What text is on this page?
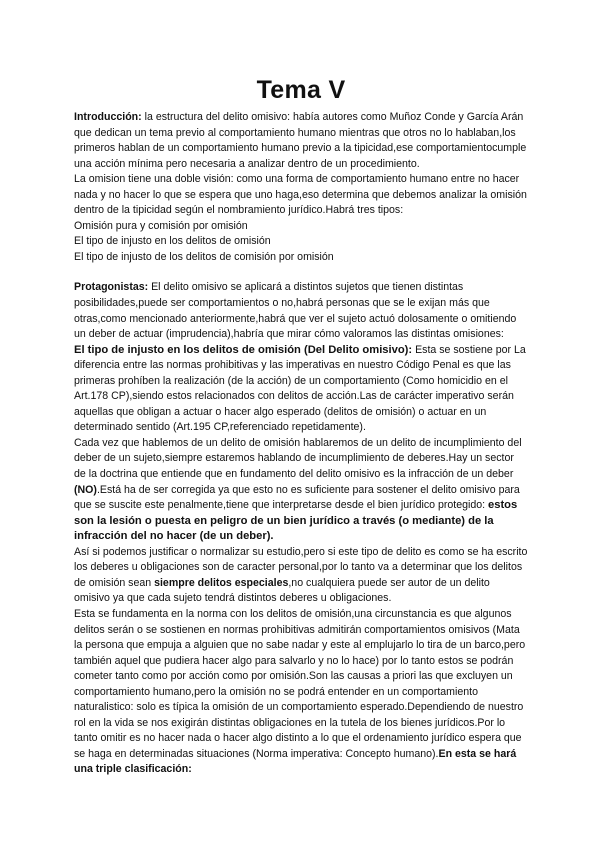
Tema V

Introducción: la estructura del delito omisivo: había autores como Muñoz Conde y García Arán que dedican un tema previo al comportamiento humano mientras que otros no lo hablaban,los primeros hablan de un comportamiento humano previo a la tipicidad,ese comportamientocumple una acción mínima pero necesaria a analizar dentro de un procedimiento.

La omision tiene una doble visión: como una forma de comportamiento humano entre no hacer nada y no hacer lo que se espera que uno haga,eso determina que debemos analizar la omisión dentro de la tipicidad según el nombramiento jurídico.Habrá tres tipos:

Omisión pura y comisión por omisión

El tipo de injusto en los delitos de omisión

El tipo de injusto de los delitos de comisión por omisión

Protagonistas: El delito omisivo se aplicará a distintos sujetos que tienen distintas posibilidades,puede ser comportamientos o no,habrá personas que se le exijan más que otras,como mencionado anteriormente,habrá que ver el sujeto actuó dolosamente o omitiendo un deber de actuar (imprudencia),habría que mirar cómo valoramos las distintas omisiones:

El tipo de injusto en los delitos de omisión (Del Delito omisivo): Esta se sostiene por La diferencia entre las normas prohibitivas y las imperativas en nuestro Código Penal es que las primeras prohíben la realización (de la acción) de un comportamiento (Como homicidio en el Art.178 CP),siendo estos relacionados con delitos de acción.Las de carácter imperativo serán aquellas que obligan a actuar o hacer algo esperado (delitos de omisión) o actuar en un determinado sentido (Art.195 CP,referenciado repetidamente).

Cada vez que hablemos de un delito de omisión hablaremos de un delito de incumplimiento del deber de un sujeto,siempre estaremos hablando de incumplimiento de deberes.Hay un sector de la doctrina que entiende que en fundamento del delito omisivo es la infracción de un deber (NO).Está ha de ser corregida ya que esto no es suficiente para sostener el delito omisivo para que se suscite este penalmente,tiene que interpretarse desde el bien jurídico protegido: estos son la lesión o puesta en peligro de un bien jurídico a través (o mediante) de la infracción del no hacer (de un deber).

Así si podemos justificar o normalizar su estudio,pero si este tipo de delito es como se ha escrito los deberes u obligaciones son de caracter personal,por lo tanto va a determinar que los delitos de omisión sean siempre delitos especiales,no cualquiera puede ser autor de un delito omisivo ya que cada sujeto tendrá distintos deberes u obligaciones.

Esta se fundamenta en la norma con los delitos de omisión,una circunstancia es que algunos delitos serán o se sostienen en normas prohibitivas admitirán comportamientos omisivos (Mata la persona que empuja a alguien que no sabe nadar y este al emplujarlo lo tira de un barco,pero también aquel que pudiera hacer algo para salvarlo y no lo hace) por lo tanto estos se podrán cometer tanto como por acción como por omisión.Son las causas a priori las que excluyen un comportamiento humano,pero la omisión no se podrá entender en un comportamiento naturalistico: solo es típica la omisión de un comportamiento esperado.Dependiendo de nuestro rol en la vida se nos exigirán distintas obligaciones en la tutela de los bienes jurídicos.Por lo tanto omitir es no hacer nada o hacer algo distinto a lo que el ordenamiento jurídico espera que se haga en determinadas situaciones (Norma imperativa: Concepto humano).En esta se hará una triple clasificación:
